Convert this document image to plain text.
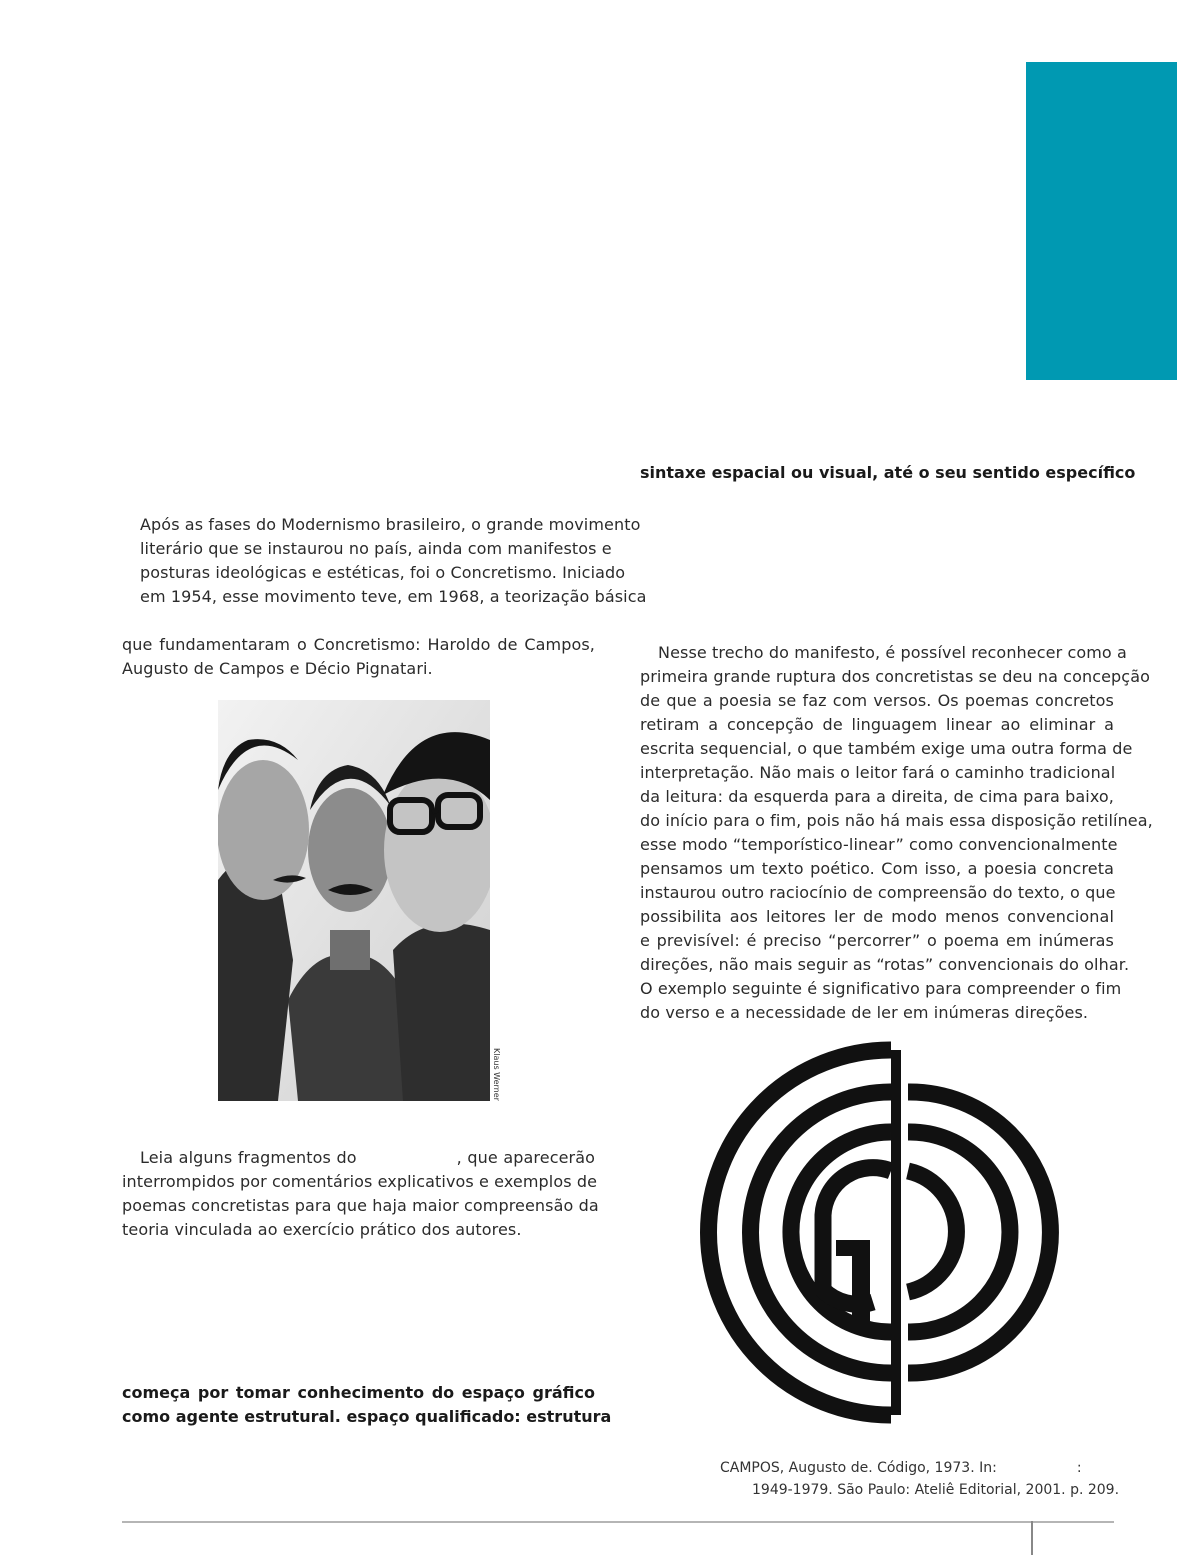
sintaxe espacial ou visual, até o seu sentido específico

Após as fases do Modernismo brasileiro, o grande movimento
literário que se instaurou no país, ainda com manifestos e
posturas ideológicas e estéticas, foi o Concretismo. Iniciado
em 1954, esse movimento teve, em 1968, a teorização básica
que fundamentaram o Concretismo: Haroldo de Campos,
Augusto de Campos e Décio Pignatari.
Klaus Werner
Leia alguns fragmentos do	, que aparecerão
interrompidos por comentários explicativos e exemplos de
poemas concretistas para que haja maior compreensão da
teoria vinculada ao exercício prático dos autores.
começa por tomar conhecimento do espaço gráfico
como agente estrutural. espaço qualificado: estrutura
Nesse trecho do manifesto, é possível reconhecer como a
primeira grande ruptura dos concretistas se deu na concepção
de que a poesia se faz com versos. Os poemas concretos
retiram a concepção de linguagem linear ao eliminar a
escrita sequencial, o que também exige uma outra forma de
interpretação. Não mais o leitor fará o caminho tradicional
da leitura: da esquerda para a direita, de cima para baixo,
do início para o fim, pois não há mais essa disposição retilínea,
esse modo “temporístico-linear” como convencionalmente
pensamos um texto poético. Com isso, a poesia concreta
instaurou outro raciocínio de compreensão do texto, o que
possibilita aos leitores ler de modo menos convencional
e previsível: é preciso “percorrer” o poema em inúmeras
direções, não mais seguir as “rotas” convencionais do olhar.
O exemplo seguinte é significativo para compreender o fim
do verso e a necessidade de ler em inúmeras direções.

CAMPOS, Augusto de. Código, 1973. In:	:

1949-1979. São Paulo: Ateliê Editorial, 2001. p. 209.
